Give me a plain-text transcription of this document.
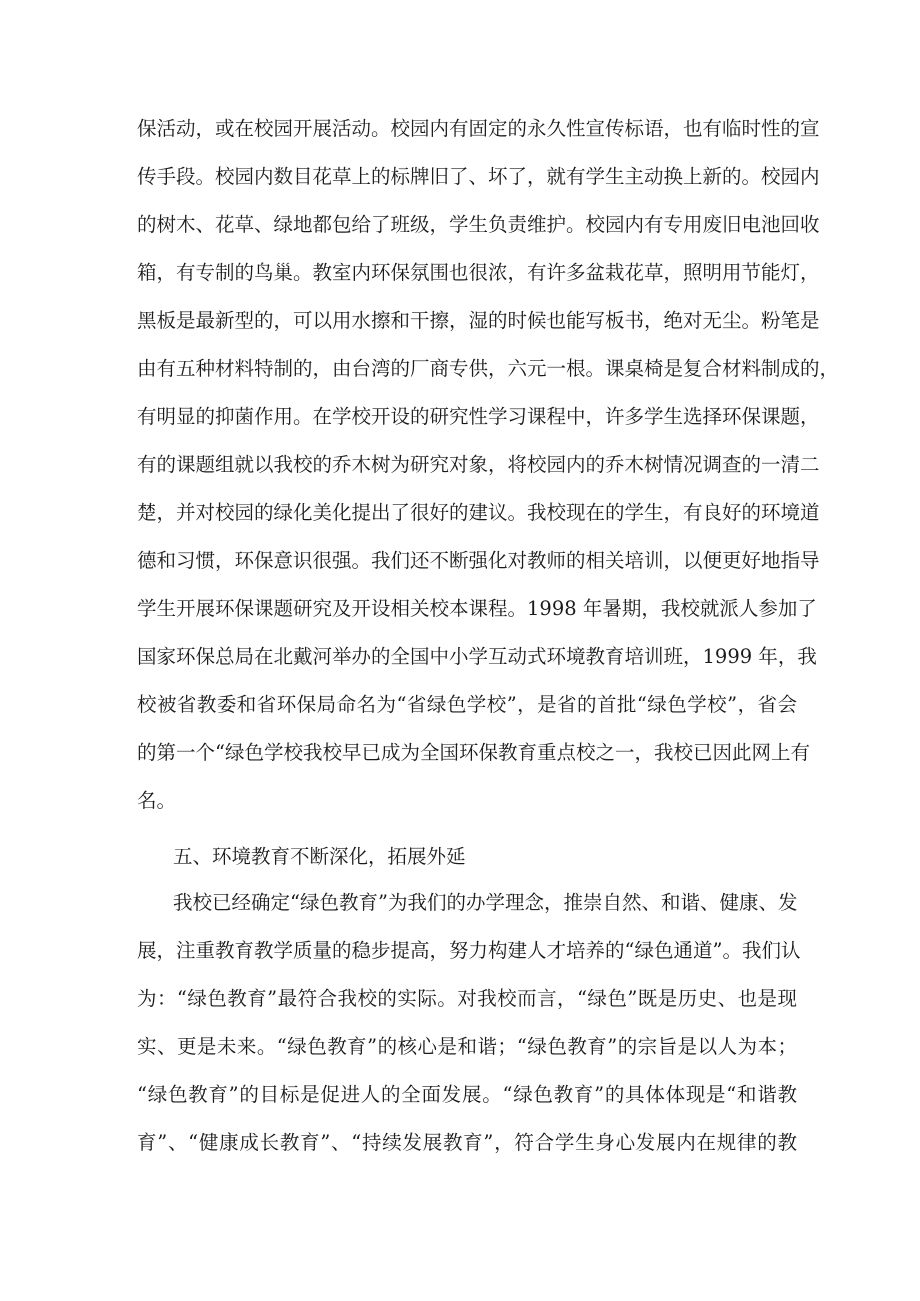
保活动，或在校园开展活动。校园内有固定的永久性宣传标语，也有临时性的宣
传手段。校园内数目花草上的标牌旧了、坏了，就有学生主动换上新的。校园内
的树木、花草、绿地都包给了班级，学生负责维护。校园内有专用废旧电池回收
箱，有专制的鸟巢。教室内环保氛围也很浓，有许多盆栽花草，照明用节能灯，
黑板是最新型的，可以用水擦和干擦，湿的时候也能写板书，绝对无尘。粉笔是
由有五种材料特制的，由台湾的厂商专供，六元一根。课桌椅是复合材料制成的，
有明显的抑菌作用。在学校开设的研究性学习课程中，许多学生选择环保课题，
有的课题组就以我校的乔木树为研究对象，将校园内的乔木树情况调查的一清二
楚，并对校园的绿化美化提出了很好的建议。我校现在的学生，有良好的环境道
德和习惯，环保意识很强。我们还不断强化对教师的相关培训，以便更好地指导
学生开展环保课题研究及开设相关校本课程。1998 年暑期，我校就派人参加了
国家环保总局在北戴河举办的全国中小学互动式环境教育培训班，1999 年，我
校被省教委和省环保局命名为“省绿色学校”，是省的首批“绿色学校”，省会
的第一个“绿色学校我校早已成为全国环保教育重点校之一，我校已因此网上有
名。
五、环境教育不断深化，拓展外延
我校已经确定“绿色教育”为我们的办学理念，推崇自然、和谐、健康、发
展，注重教育教学质量的稳步提高，努力构建人才培养的“绿色通道”。我们认
为：“绿色教育”最符合我校的实际。对我校而言，“绿色”既是历史、也是现
实、更是未来。“绿色教育”的核心是和谐；“绿色教育”的宗旨是以人为本；
“绿色教育”的目标是促进人的全面发展。“绿色教育”的具体体现是“和谐教
育”、“健康成长教育”、“持续发展教育”，符合学生身心发展内在规律的教
